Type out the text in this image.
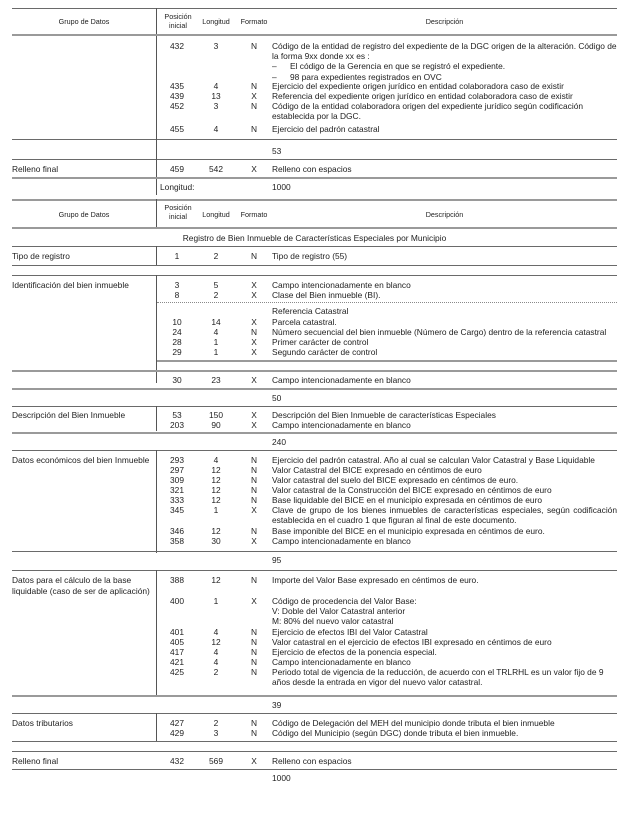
Grupo de Datos
Posición inicial	Longitud	Formato	Descripción
432	3	N	Código de la entidad de registro del expediente de la DGC origen de la alteración. Código de la forma 9xx donde xx es :
– El código de la Gerencia en que se registró el expediente.
– 98 para expedientes registrados en OVC
435	4	N	Ejercicio del expediente origen jurídico en entidad colaboradora caso de existir
439	13	X	Referencia del expediente origen jurídico en entidad colaboradora caso de existir
452	3	N	Código de la entidad colaboradora origen del expediente jurídico según codificación establecida por la DGC.
455	4	N	Ejercicio del padrón catastral
53
Relleno final	459	542	X	Relleno con espacios
Longitud:	1000
Grupo de Datos
Posición inicial	Longitud	Formato	Descripción
Registro de Bien Inmueble de Características Especiales por Municipio
Tipo de registro	1	2	N	Tipo de registro (55)
Identificación del bien inmueble	3	5	X	Campo intencionadamente en blanco
8	2	X	Clase del Bien inmueble (BI).
Referencia Catastral
10	14	X	Parcela catastral.
24	4	N	Número secuencial del bien inmueble (Número de Cargo) dentro de la referencia catastral
28	1	X	Primer carácter de control
29	1	X	Segundo carácter de control
30	23	X	Campo intencionadamente en blanco
50
Descripción del Bien Inmueble	53	150	X	Descripción del Bien Inmueble de características Especiales
203	90	X	Campo intencionadamente en blanco
240
Datos económicos del bien Inmueble	293	4	N	Ejercicio del padrón catastral. Año al cual se calculan Valor Catastral y Base Liquidable
297	12	N	Valor Catastral del BICE expresado en céntimos de euro
309	12	N	Valor catastral del suelo del BICE expresado en céntimos de euro.
321	12	N	Valor catastral de la Construcción del BICE expresado en céntimos de euro
333	12	N	Base liquidable del BICE en el municipio expresada en céntimos de euro
345	1	X	Clave de grupo de los bienes inmuebles de características especiales, según codificación establecida en el cuadro 1 que figuran al final de este documento.
346	12	N	Base imponible del BICE en el municipio expresada en céntimos de euro.
358	30	X	Campo intencionadamente en blanco
95
Datos para el cálculo de la base liquidable (caso de ser de aplicación)
388	12	N	Importe del Valor Base expresado en céntimos de euro.
400	1	X	Código de procedencia del Valor Base:
V: Doble del Valor Catastral anterior
M: 80% del nuevo valor catastral
401	4	N	Ejercicio de efectos IBI del Valor Catastral
405	12	N	Valor catastral en el ejercicio de efectos IBI expresado en céntimos de euro
417	4	N	Ejercicio de efectos de la ponencia especial.
421	4	N	Campo intencionadamente en blanco
425	2	N	Periodo total de vigencia de la reducción, de acuerdo con el TRLRHL es un valor fijo de 9 años desde la entrada en vigor del nuevo valor catastral.
39
Datos tributarios	427	2	N	Código de Delegación del MEH del municipio donde tributa el bien inmueble
429	3	N	Código del Municipio (según DGC) donde tributa el bien inmueble.
Relleno final	432	569	X	Relleno con espacios
1000
